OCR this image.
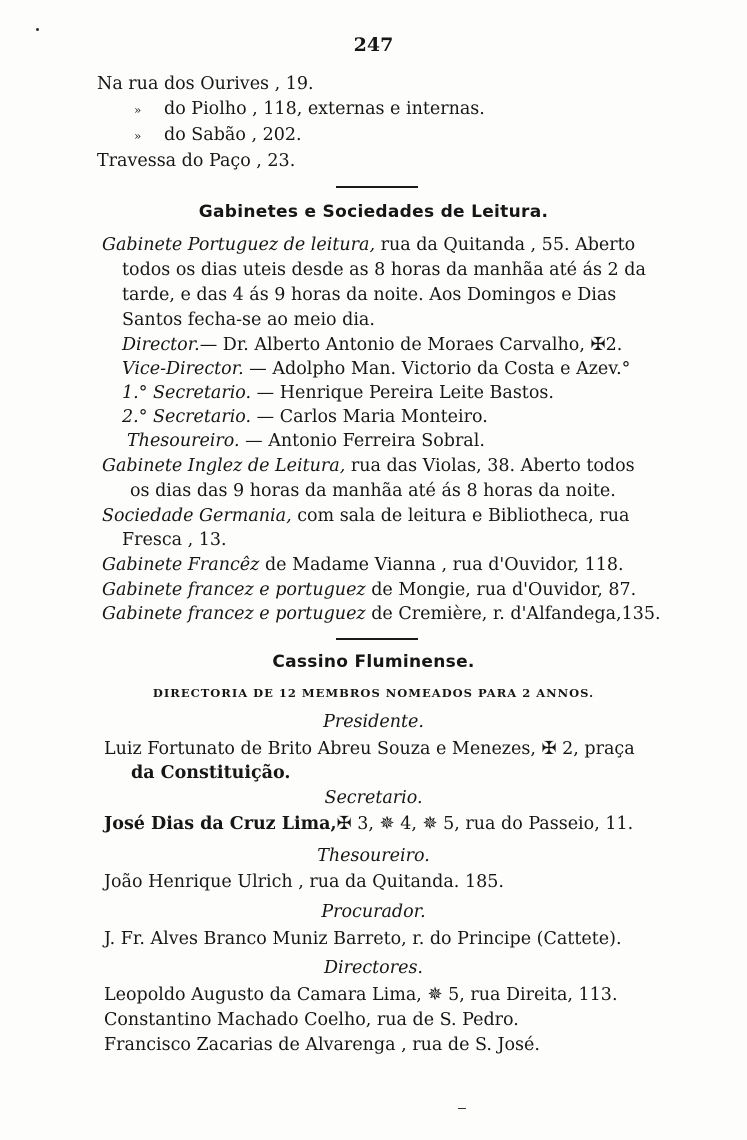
247
Na rua dos Ourives , 19.
» do Piolho , 118, externas e internas.
» do Sabão , 202.
Travessa do Paço , 23.
Gabinetes e Sociedades de Leitura.
Gabinete Portuguez de leitura, rua da Quitanda , 55. Aberto
todos os dias uteis desde as 8 horas da manhãa até ás 2 da
tarde, e das 4 ás 9 horas da noite. Aos Domingos e Dias
Santos fecha-se ao meio dia.
Director.— Dr. Alberto Antonio de Moraes Carvalho, ✠2.
Vice-Director. — Adolpho Man. Victorio da Costa e Azev.°
1.° Secretario. — Henrique Pereira Leite Bastos.
2.° Secretario. — Carlos Maria Monteiro.
Thesoureiro. — Antonio Ferreira Sobral.
Gabinete Inglez de Leitura, rua das Violas, 38. Aberto todos
os dias das 9 horas da manhãa até ás 8 horas da noite.
Sociedade Germania, com sala de leitura e Bibliotheca, rua
Fresca , 13.
Gabinete Francêz de Madame Vianna , rua d'Ouvidor, 118.
Gabinete francez e portuguez de Mongie, rua d'Ouvidor, 87.
Gabinete francez e portuguez de Cremière, r. d'Alfandega,135.
Cassino Fluminense.
DIRECTORIA DE 12 MEMBROS NOMEADOS PARA 2 ANNOS.
Presidente.
Luiz Fortunato de Brito Abreu Souza e Menezes, ✠ 2, praça
da Constituição.
Secretario.
José Dias da Cruz Lima,✠ 3, ✵ 4, ✵ 5, rua do Passeio, 11.
Thesoureiro.
João Henrique Ulrich , rua da Quitanda. 185.
Procurador.
J. Fr. Alves Branco Muniz Barreto, r. do Principe (Cattete).
Directores.
Leopoldo Augusto da Camara Lima, ✵ 5, rua Direita, 113.
Constantino Machado Coelho, rua de S. Pedro.
Francisco Zacarias de Alvarenga , rua de S. José.
